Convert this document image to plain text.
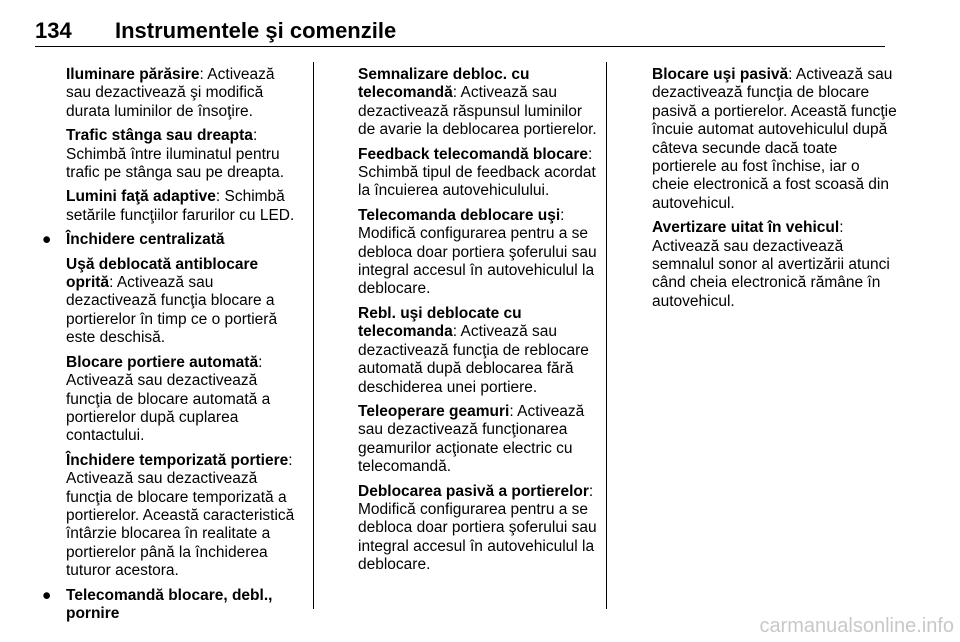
134 Instrumentele şi comenzile

Iluminare părăsire: Activează sau dezactivează şi modifică durata luminilor de însoţire.

Trafic stânga sau dreapta: Schimbă între iluminatul pentru trafic pe stânga sau pe dreapta.

Lumini faţă adaptive: Schimbă setările funcţiilor farurilor cu LED.

● Închidere centralizată

Uşă deblocată antiblocare oprită: Activează sau dezactivează funcţia blocare a portierelor în timp ce o portieră este deschisă.

Blocare portiere automată: Activează sau dezactivează funcţia de blocare automată a portierelor după cuplarea contactului.

Închidere temporizată portiere: Activează sau dezactivează funcţia de blocare temporizată a portierelor. Această caracteristică întârzie blocarea în realitate a portierelor până la închiderea tuturor acestora.

● Telecomandă blocare, debl., pornire

Semnalizare debloc. cu telecomandă: Activează sau dezactivează răspunsul luminilor de avarie la deblocarea portierelor.

Feedback telecomandă blocare: Schimbă tipul de feedback acordat la încuierea autovehiculului.

Telecomanda deblocare uşi: Modifică configurarea pentru a se debloca doar portiera şoferului sau integral accesul în autovehiculul la deblocare.

Rebl. uşi deblocate cu telecomanda: Activează sau dezactivează funcţia de reblocare automată după deblocarea fără deschiderea unei portiere.

Teleoperare geamuri: Activează sau dezactivează funcţionarea geamurilor acţionate electric cu telecomandă.

Deblocarea pasivă a portierelor: Modifică configurarea pentru a se debloca doar portiera şoferului sau integral accesul în autovehiculul la deblocare.

Blocare uşi pasivă: Activează sau dezactivează funcţia de blocare pasivă a portierelor. Această funcţie încuie automat autovehiculul după câteva secunde dacă toate portierele au fost închise, iar o cheie electronică a fost scoasă din autovehicul.

Avertizare uitat în vehicul: Activează sau dezactivează semnalul sonor al avertizării atunci când cheia electronică rămâne în autovehicul.

carmanualsonline.info
